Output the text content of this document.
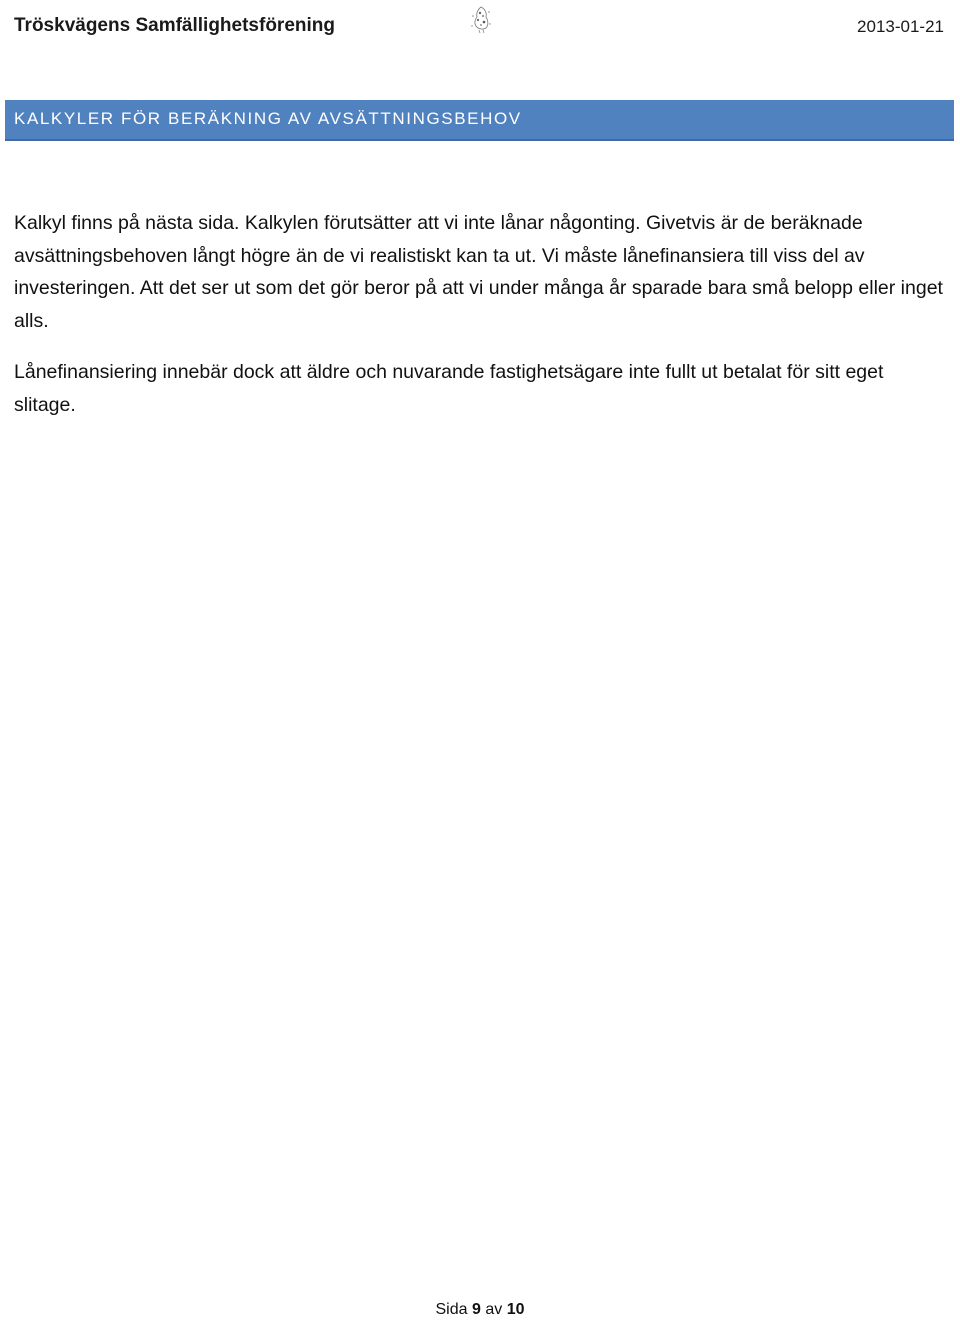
Tröskvägens Samfällighetsförening	2013-01-21
KALKYLER FÖR BERÄKNING AV AVSÄTTNINGSBEHOV

Kalkyl finns på nästa sida. Kalkylen förutsätter att vi inte lånar någonting. Givetvis är de beräknade avsättningsbehoven långt högre än de vi realistiskt kan ta ut. Vi måste lånefinansiera till viss del av investeringen. Att det ser ut som det gör beror på att vi under många år sparade bara små belopp eller inget alls.

Lånefinansiering innebär dock att äldre och nuvarande fastighetsägare inte fullt ut betalat för sitt eget slitage.

Sida 9 av 10
